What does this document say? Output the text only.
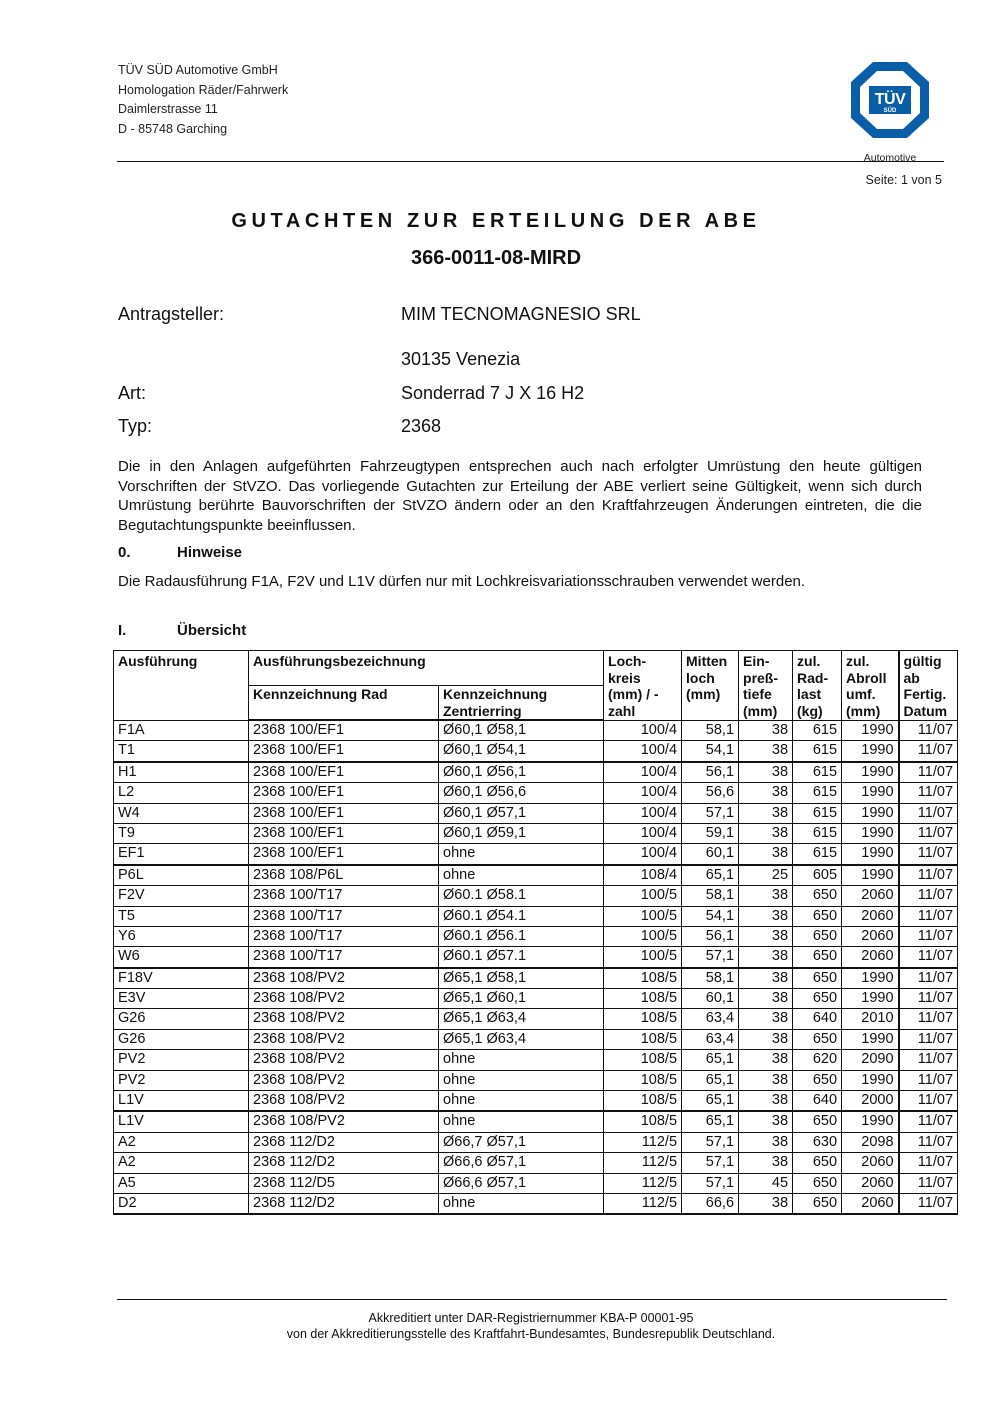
TÜV SÜD Automotive GmbH
Homologation Räder/Fahrwerk
Daimlerstrasse 11
D - 85748 Garching
TÜV
SÜD
Automotive
Seite: 1 von 5
GUTACHTEN ZUR ERTEILUNG DER ABE
366-0011-08-MIRD
Antragsteller:	MIM TECNOMAGNESIO SRL
30135 Venezia
Art:	Sonderrad 7 J X 16 H2
Typ:	2368
Die in den Anlagen aufgeführten Fahrzeugtypen entsprechen auch nach erfolgter Umrüstung den heute gültigen Vorschriften der StVZO. Das vorliegende Gutachten zur Erteilung der ABE verliert seine Gültigkeit, wenn sich durch Umrüstung berührte Bauvorschriften der StVZO ändern oder an den Kraftfahrzeugen Änderungen eintreten, die die Begutachtungspunkte beeinflussen.
0.	Hinweise
Die Radausführung F1A, F2V und L1V dürfen nur mit Lochkreisvariationsschrauben verwendet werden.
I.	Übersicht
Ausführung	Ausführungsbezeichnung		Loch- kreis (mm) / -zahl	Mitten loch (mm)	Ein- preß- tiefe (mm)	zul. Rad- last (kg)	zul. Abroll umf. (mm)	gültig ab Fertig. Datum
	Kennzeichnung Rad	Kennzeichnung Zentrierring						
F1A	2368 100/EF1	Ø60,1 Ø58,1	100/4	58,1	38	615	1990	11/07
T1	2368 100/EF1	Ø60,1 Ø54,1	100/4	54,1	38	615	1990	11/07
H1	2368 100/EF1	Ø60,1 Ø56,1	100/4	56,1	38	615	1990	11/07
L2	2368 100/EF1	Ø60,1 Ø56,6	100/4	56,6	38	615	1990	11/07
W4	2368 100/EF1	Ø60,1 Ø57,1	100/4	57,1	38	615	1990	11/07
T9	2368 100/EF1	Ø60,1 Ø59,1	100/4	59,1	38	615	1990	11/07
EF1	2368 100/EF1	ohne	100/4	60,1	38	615	1990	11/07
P6L	2368 108/P6L	ohne	108/4	65,1	25	605	1990	11/07
F2V	2368 100/T17	Ø60.1 Ø58.1	100/5	58,1	38	650	2060	11/07
T5	2368 100/T17	Ø60.1 Ø54.1	100/5	54,1	38	650	2060	11/07
Y6	2368 100/T17	Ø60.1 Ø56.1	100/5	56,1	38	650	2060	11/07
W6	2368 100/T17	Ø60.1 Ø57.1	100/5	57,1	38	650	2060	11/07
F18V	2368 108/PV2	Ø65,1 Ø58,1	108/5	58,1	38	650	1990	11/07
E3V	2368 108/PV2	Ø65,1 Ø60,1	108/5	60,1	38	650	1990	11/07
G26	2368 108/PV2	Ø65,1 Ø63,4	108/5	63,4	38	640	2010	11/07
G26	2368 108/PV2	Ø65,1 Ø63,4	108/5	63,4	38	650	1990	11/07
PV2	2368 108/PV2	ohne	108/5	65,1	38	620	2090	11/07
PV2	2368 108/PV2	ohne	108/5	65,1	38	650	1990	11/07
L1V	2368 108/PV2	ohne	108/5	65,1	38	640	2000	11/07
L1V	2368 108/PV2	ohne	108/5	65,1	38	650	1990	11/07
A2	2368 112/D2	Ø66,7 Ø57,1	112/5	57,1	38	630	2098	11/07
A2	2368 112/D2	Ø66,6 Ø57,1	112/5	57,1	38	650	2060	11/07
A5	2368 112/D5	Ø66,6 Ø57,1	112/5	57,1	45	650	2060	11/07
D2	2368 112/D2	ohne	112/5	66,6	38	650	2060	11/07
Akkreditiert unter DAR-Registriernummer KBA-P 00001-95
von der Akkreditierungsstelle des Kraftfahrt-Bundesamtes, Bundesrepublik Deutschland.
